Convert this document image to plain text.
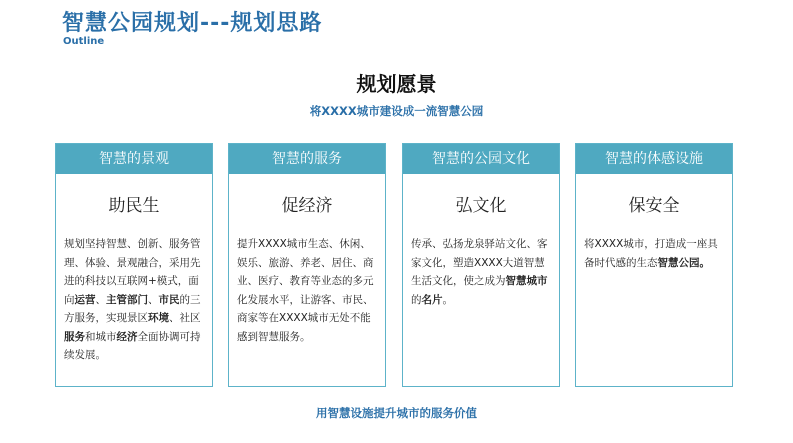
智慧公园规划---规划思路
Outline
规划愿景
将XXXX城市建设成一流智慧公园
智慧的景观
助民生
规划坚持智慧、创新、服务管理、体验、景观融合，采用先进的科技以互联网+模式，面向运营、主管部门、市民的三方服务，实现景区环境、社区服务和城市经济全面协调可持续发展。
智慧的服务
促经济
提升XXXX城市生态、休闲、娱乐、旅游、养老、居住、商业、医疗、教育等业态的多元化发展水平，让游客、市民、商家等在XXXX城市无处不能感到智慧服务。
智慧的公园文化
弘文化
传承、弘扬龙泉驿站文化、客家文化，塑造XXXX大道智慧生活文化，使之成为智慧城市的名片。
智慧的体感设施
保安全
将XXXX城市，打造成一座具备时代感的生态智慧公园。
用智慧设施提升城市的服务价值
